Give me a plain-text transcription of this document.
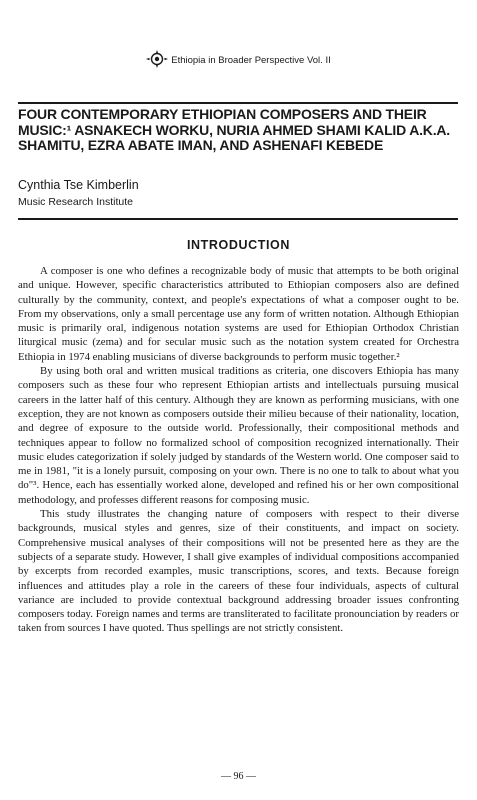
Ethiopia in Broader Perspective Vol. II
FOUR CONTEMPORARY ETHIOPIAN COMPOSERS AND THEIR MUSIC:¹ ASNAKECH WORKU, NURIA AHMED SHAMI KALID A.K.A. SHAMITU, EZRA ABATE IMAN, AND ASHENAFI KEBEDE
Cynthia Tse Kimberlin
Music Research Institute
INTRODUCTION

A composer is one who defines a recognizable body of music that attempts to be both original and unique. However, specific characteristics attributed to Ethiopian composers also are defined culturally by the community, context, and people's expectations of what a composer ought to be. From my observations, only a small percentage use any form of written notation. Although Ethiopian music is primarily oral, indigenous notation systems are used for Ethiopian Orthodox Christian liturgical music (zema) and for secular music such as the notation system created for Orchestra Ethiopia in 1974 enabling musicians of diverse backgrounds to perform music together.²

By using both oral and written musical traditions as criteria, one discovers Ethiopia has many composers such as these four who represent Ethiopian artists and intellectuals pursuing musical careers in the latter half of this century. Although they are known as performing musicians, with one exception, they are not known as composers outside their milieu because of their nationality, location, and degree of exposure to the outside world. Professionally, their compositional methods and techniques appear to follow no formalized school of composition recognized internationally. Their music eludes categorization if solely judged by standards of the Western world. One composer said to me in 1981, "it is a lonely pursuit, composing on your own. There is no one to talk to about what you do"³. Hence, each has essentially worked alone, developed and refined his or her own compositional methodology, and professes different reasons for composing music.

This study illustrates the changing nature of composers with respect to their diverse backgrounds, musical styles and genres, size of their constituents, and impact on society. Comprehensive musical analyses of their compositions will not be presented here as they are the subjects of a separate study. However, I shall give examples of individual compositions accompanied by excerpts from recorded examples, music transcriptions, scores, and texts. Because foreign influences and attitudes play a role in the careers of these four individuals, aspects of cultural variance are included to provide contextual background addressing broader issues confronting composers today. Foreign names and terms are transliterated to facilitate pronounciation by readers or taken from sources I have quoted. Thus spellings are not strictly consistent.

— 96 —
